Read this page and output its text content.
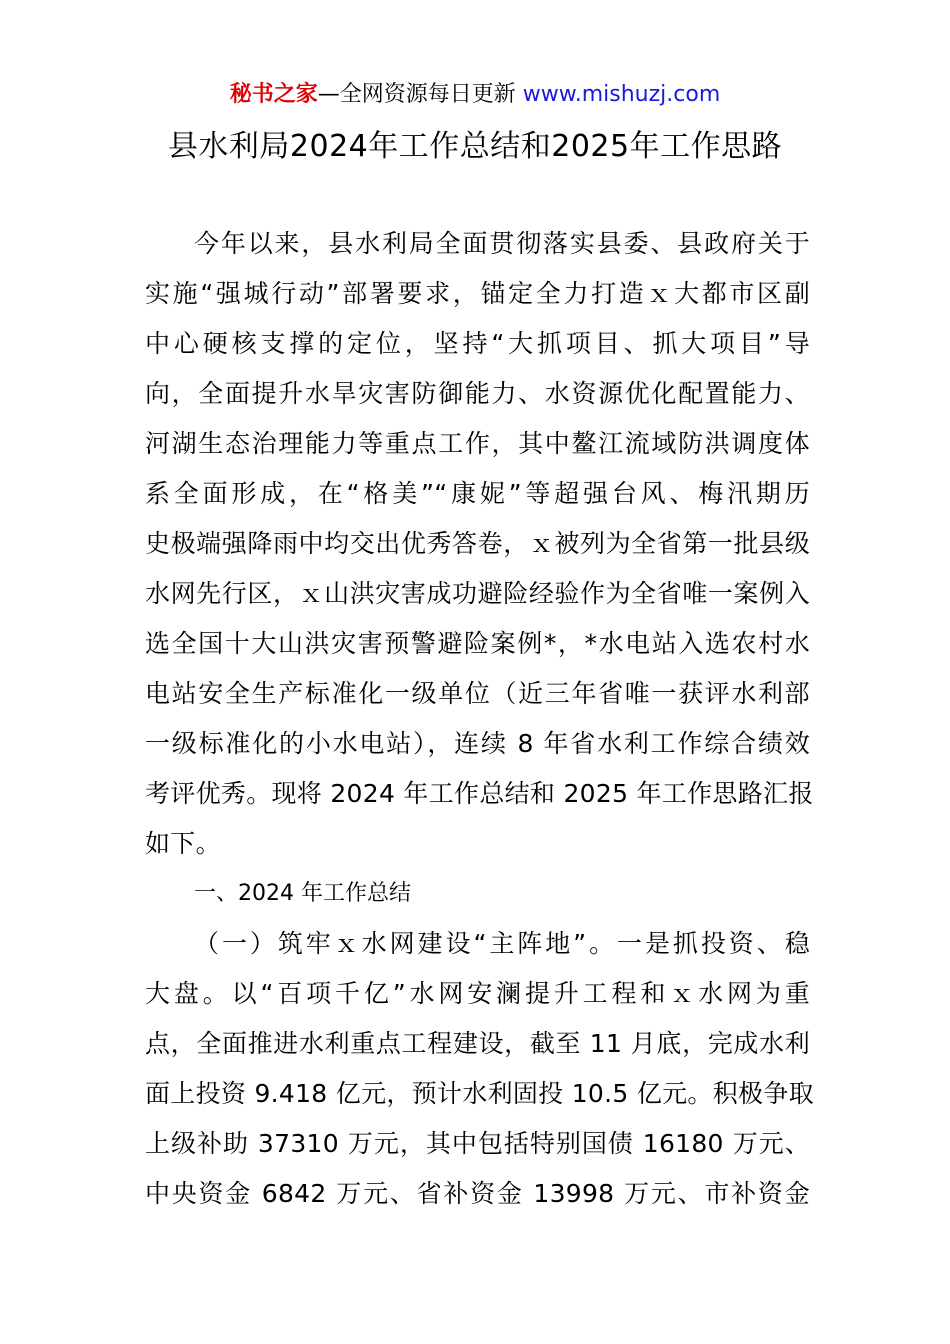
秘书之家—全网资源每日更新 www.mishuzj.com
县水利局2024年工作总结和2025年工作思路
今年以来，县水利局全面贯彻落实县委、县政府关于
实施“强城行动”部署要求，锚定全力打造ｘ大都市区副
中心硬核支撑的定位，坚持“大抓项目、抓大项目”导
向，全面提升水旱灾害防御能力、水资源优化配置能力、
河湖生态治理能力等重点工作，其中鳌江流域防洪调度体
系全面形成，在“格美”“康妮”等超强台风、梅汛期历
史极端强降雨中均交出优秀答卷，ｘ被列为全省第一批县级
水网先行区，ｘ山洪灾害成功避险经验作为全省唯一案例入
选全国十大山洪灾害预警避险案例*，*水电站入选农村水
电站安全生产标准化一级单位（近三年省唯一获评水利部
一级标准化的小水电站），连续 8 年省水利工作综合绩效
考评优秀。现将 2024 年工作总结和 2025 年工作思路汇报
如下。
一、2024 年工作总结
（一）筑牢ｘ水网建设“主阵地”。一是抓投资、稳
大盘。以“百项千亿”水网安澜提升工程和ｘ水网为重
点，全面推进水利重点工程建设，截至 11 月底，完成水利
面上投资 9.418 亿元，预计水利固投 10.5 亿元。积极争取
上级补助 37310 万元，其中包括特别国债 16180 万元、
中央资金 6842 万元、省补资金 13998 万元、市补资金
